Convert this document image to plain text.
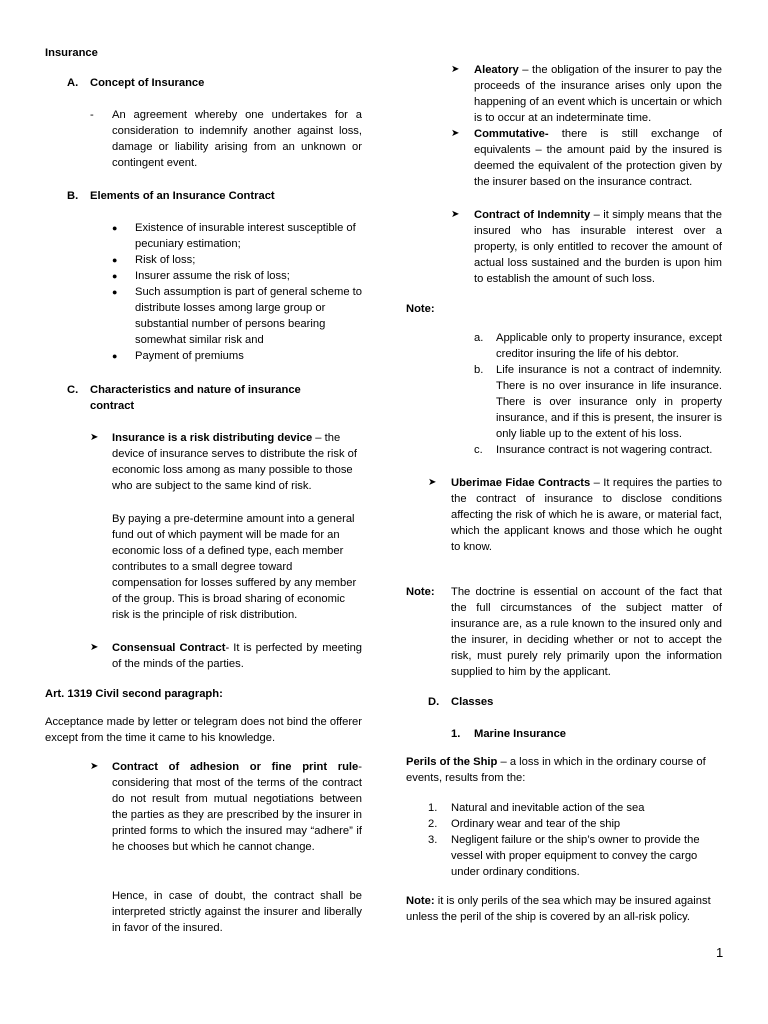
Insurance
A. Concept of Insurance
- An agreement whereby one undertakes for a consideration to indemnify another against loss, damage or liability arising from an unknown or contingent event.

B. Elements of an Insurance Contract
● Existence of insurable interest susceptible of pecuniary estimation;
● Risk of loss;
● Insurer assume the risk of loss;
● Such assumption is part of general scheme to distribute losses among large group or substantial number of persons bearing somewhat similar risk and
● Payment of premiums
C. Characteristics and nature of insurance contract
➤ Insurance is a risk distributing device – the device of insurance serves to distribute the risk of economic loss among as many possible to those who are subject to the same kind of risk.

By paying a pre-determine amount into a general fund out of which payment will be made for an economic loss of a defined type, each member contributes to a small degree toward compensation for losses suffered by any member of the group. This is broad sharing of economic risk is the principle of risk distribution.

➤ Consensual Contract- It is perfected by meeting of the minds of the parties.

Art. 1319 Civil second paragraph:

Acceptance made by letter or telegram does not bind the offerer except from the time it came to his knowledge.

➤ Contract of adhesion or fine print rule- considering that most of the terms of the contract do not result from mutual negotiations between the parties as they are prescribed by the insurer in printed forms to which the insured may “adhere” if he chooses but which he cannot change.

Hence, in case of doubt, the contract shall be interpreted strictly against the insurer and liberally in favor of the insured.

➤ Aleatory – the obligation of the insurer to pay the proceeds of the insurance arises only upon the happening of an event which is uncertain or which is to occur at an indeterminate time.

➤ Commutative- there is still exchange of equivalents – the amount paid by the insured is deemed the equivalent of the protection given by the insurer based on the insurance contract.

➤ Contract of Indemnity – it simply means that the insured who has insurable interest over a property, is only entitled to recover the amount of actual loss sustained and the burden is upon him to establish the amount of such loss.

Note:
a. Applicable only to property insurance, except creditor insuring the life of his debtor.

b. Life insurance is not a contract of indemnity. There is no over insurance in life insurance. There is over insurance only in property insurance, and if this is present, the insurer is only liable up to the extent of his loss.

c. Insurance contract is not wagering contract.

➤ Uberimae Fidae Contracts – It requires the parties to the contract of insurance to disclose conditions affecting the risk of which he is aware, or material fact, which the applicant knows and those which he ought to know.

Note: The doctrine is essential on account of the fact that the full circumstances of the subject matter of insurance are, as a rule known to the insured only and the insurer, in deciding whether or not to accept the risk, must purely rely primarily upon the information supplied to him by the applicant.

D. Classes
1. Marine Insurance

Perils of the Ship – a loss in which in the ordinary course of events, results from the:

1. Natural and inevitable action of the sea

2. Ordinary wear and tear of the ship

3. Negligent failure or the ship’s owner to provide the vessel with proper equipment to convey the cargo under ordinary conditions.

Note: it is only perils of the sea which may be insured against unless the peril of the ship is covered by an all-risk policy.

1
